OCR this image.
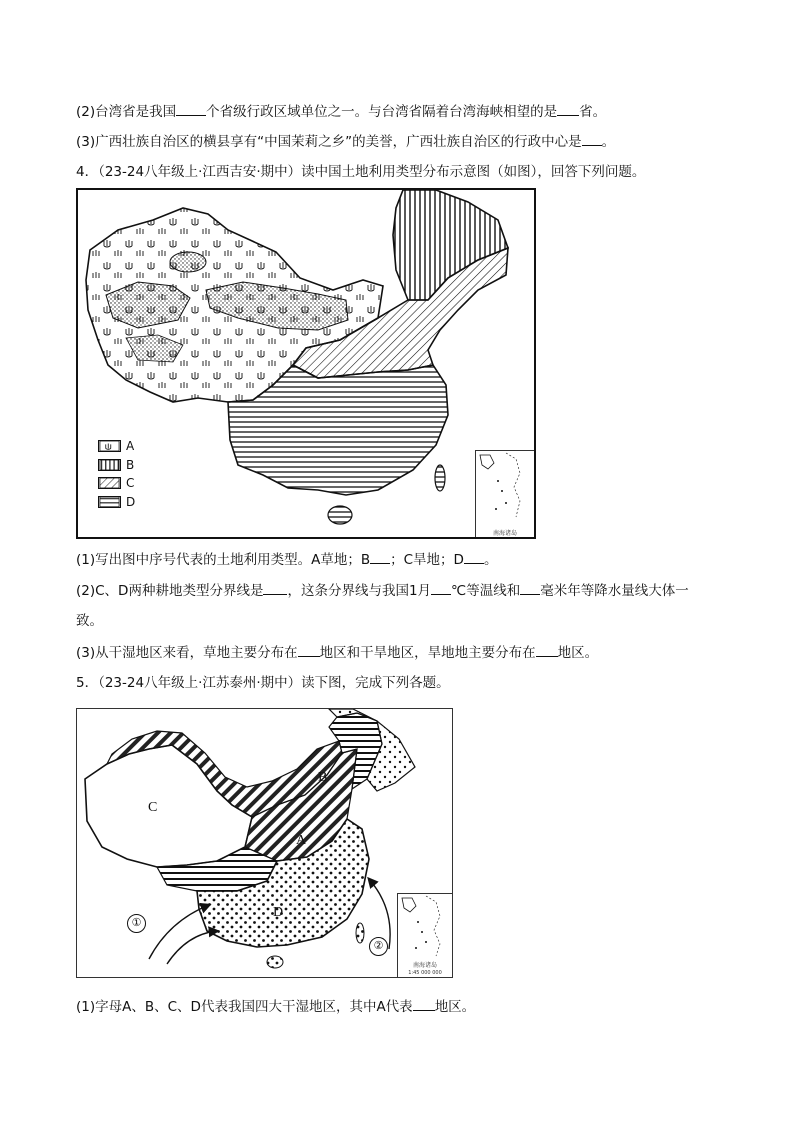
(2)台湾省是我国 个省级行政区域单位之一。与台湾省隔着台湾海峡相望的是 省。
(3)广西壮族自治区的横县享有“中国茉莉之乡”的美誉，广西壮族自治区的行政中心是 。
4．（23-24八年级上·江西吉安·期中）读中国土地利用类型分布示意图（如图），回答下列问题。
A
B
C
D
南海诸岛
(1)写出图中序号代表的土地利用类型。A草地；B ；C旱地；D 。
(2)C、D两种耕地类型分界线是 ，这条分界线与我国1月 ℃等温线和 毫米年等降水量线大体一
致。
(3)从干湿地区来看，草地主要分布在 地区和干旱地区，旱地地主要分布在 地区。
5．（23-24八年级上·江苏泰州·期中）读下图，完成下列各题。
B
C
A
D
①
②
南海诸岛
1:45 000 000
(1)字母A、B、C、D代表我国四大干湿地区，其中A代表 地区。
